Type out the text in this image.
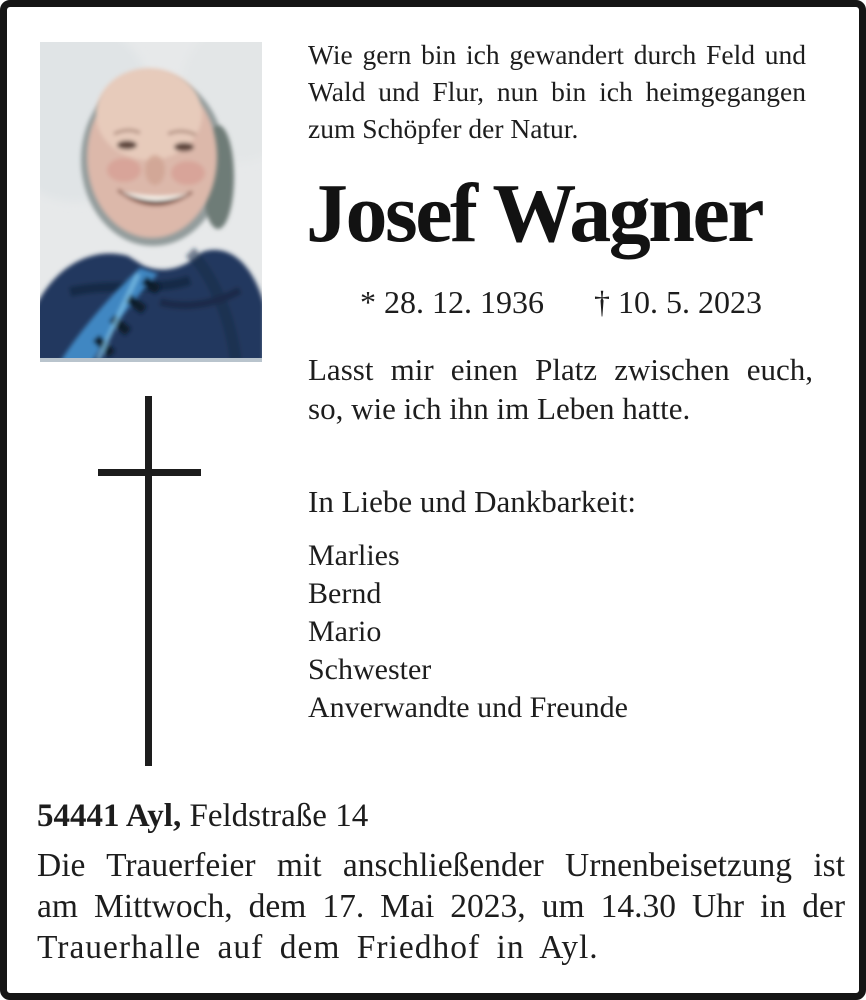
Wie gern bin ich gewandert durch Feld und
Wald und Flur, nun bin ich heimgegangen
zum Schöpfer der Natur.
Josef Wagner
* 28. 12. 1936 † 10. 5. 2023
Lasst mir einen Platz zwischen euch,
so, wie ich ihn im Leben hatte.
In Liebe und Dankbarkeit:
Marlies
Bernd
Mario
Schwester
Anverwandte und Freunde
54441 Ayl, Feldstraße 14
Die Trauerfeier mit anschließender Urnenbeisetzung ist
am Mittwoch, dem 17. Mai 2023, um 14.30 Uhr in der
Trauerhalle auf dem Friedhof in Ayl.
